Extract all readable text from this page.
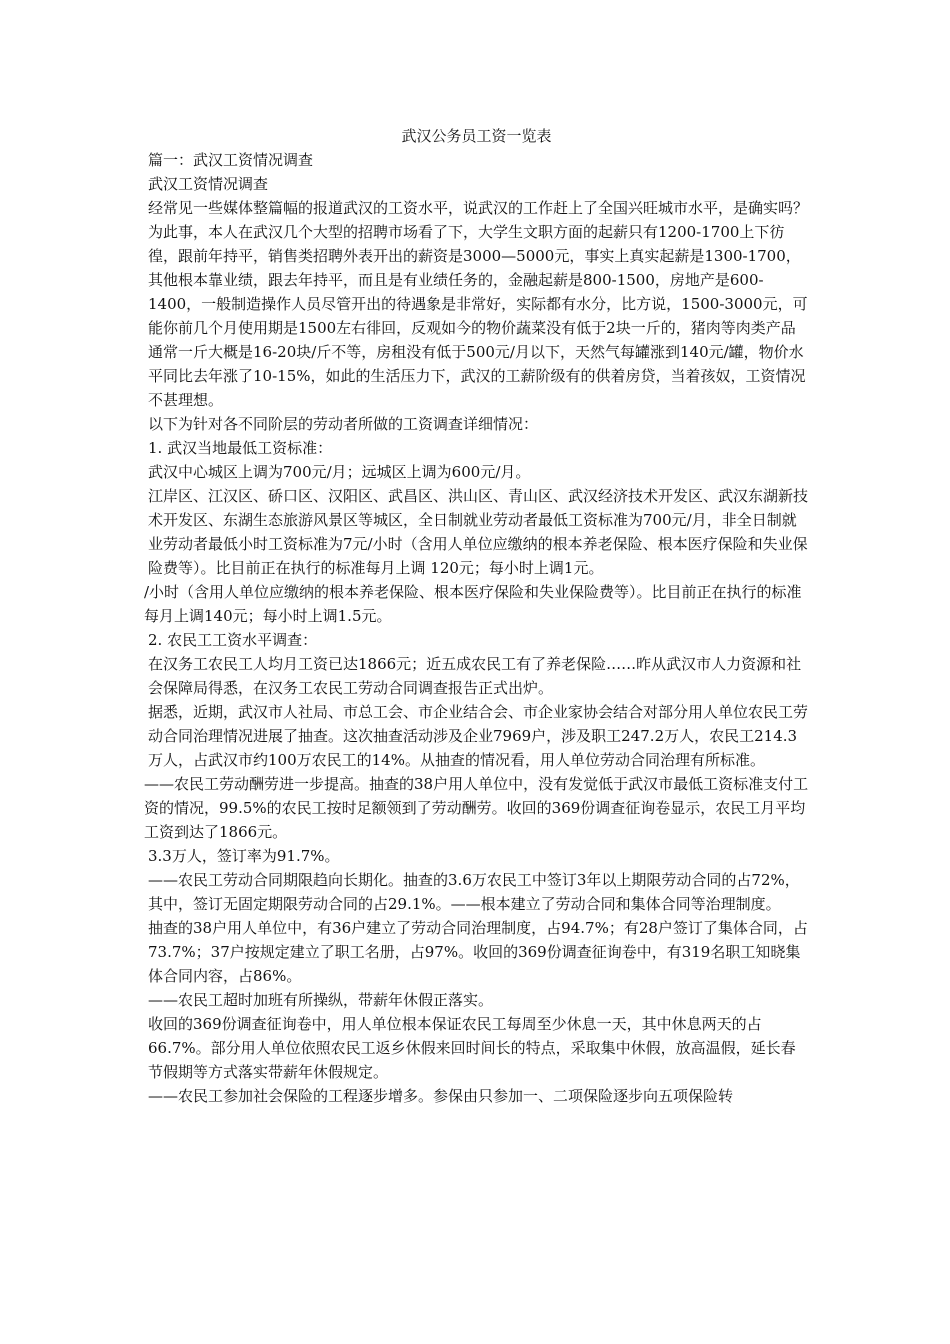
武汉公务员工资一览表

篇一：武汉工资情况调查

武汉工资情况调查

经常见一些媒体整篇幅的报道武汉的工资水平，说武汉的工作赶上了全国兴旺城市水平，是确实吗？为此事，本人在武汉几个大型的招聘市场看了下，大学生文职方面的起薪只有1200-1700上下彷徨，跟前年持平，销售类招聘外表开出的薪资是3000—5000元，事实上真实起薪是1300-1700，其他根本靠业绩，跟去年持平，而且是有业绩任务的，金融起薪是800-1500，房地产是600-1400，一般制造操作人员尽管开出的待遇象是非常好，实际都有水分，比方说，1500-3000元，可能你前几个月使用期是1500左右徘回，反观如今的物价蔬菜没有低于2块一斤的，猪肉等肉类产品通常一斤大概是16-20块/斤不等，房租没有低于500元/月以下，天然气每罐涨到140元/罐，物价水平同比去年涨了10-15%，如此的生活压力下，武汉的工薪阶级有的供着房贷，当着孩奴，工资情况不甚理想。

以下为针对各不同阶层的劳动者所做的工资调查详细情况：

1. 武汉当地最低工资标准：

武汉中心城区上调为700元/月；远城区上调为600元/月。

江岸区、江汉区、硚口区、汉阳区、武昌区、洪山区、青山区、武汉经济技术开发区、武汉东湖新技术开发区、东湖生态旅游风景区等城区，全日制就业劳动者最低工资标准为700元/月，非全日制就业劳动者最低小时工资标准为7元/小时（含用人单位应缴纳的根本养老保险、根本医疗保险和失业保险费等）。比目前正在执行的标准每月上调 120元；每小时上调1元。

/小时（含用人单位应缴纳的根本养老保险、根本医疗保险和失业保险费等）。比目前正在执行的标准每月上调140元；每小时上调1.5元。

2. 农民工工资水平调查：

在汉务工农民工人均月工资已达1866元；近五成农民工有了养老保险……昨从武汉市人力资源和社会保障局得悉，在汉务工农民工劳动合同调查报告正式出炉。

据悉，近期，武汉市人社局、市总工会、市企业结合会、市企业家协会结合对部分用人单位农民工劳动合同治理情况进展了抽查。这次抽查活动涉及企业7969户，涉及职工247.2万人，农民工214.3万人，占武汉市约100万农民工的14%。从抽查的情况看，用人单位劳动合同治理有所标准。

——农民工劳动酬劳进一步提高。抽查的38户用人单位中，没有发觉低于武汉市最低工资标准支付工资的情况，99.5%的农民工按时足额领到了劳动酬劳。收回的369份调查征询卷显示，农民工月平均工资到达了1866元。

3.3万人，签订率为91.7%。

——农民工劳动合同期限趋向长期化。抽查的3.6万农民工中签订3年以上期限劳动合同的占72%，其中，签订无固定期限劳动合同的占29.1%。——根本建立了劳动合同和集体合同等治理制度。

抽查的38户用人单位中，有36户建立了劳动合同治理制度，占94.7%；有28户签订了集体合同，占73.7%；37户按规定建立了职工名册，占97%。收回的369份调查征询卷中，有319名职工知晓集体合同内容，占86%。

——农民工超时加班有所操纵，带薪年休假正落实。

收回的369份调查征询卷中，用人单位根本保证农民工每周至少休息一天，其中休息两天的占66.7%。部分用人单位依照农民工返乡休假来回时间长的特点，采取集中休假，放高温假，延长春节假期等方式落实带薪年休假规定。

——农民工参加社会保险的工程逐步增多。参保由只参加一、二项保险逐步向五项保险转
